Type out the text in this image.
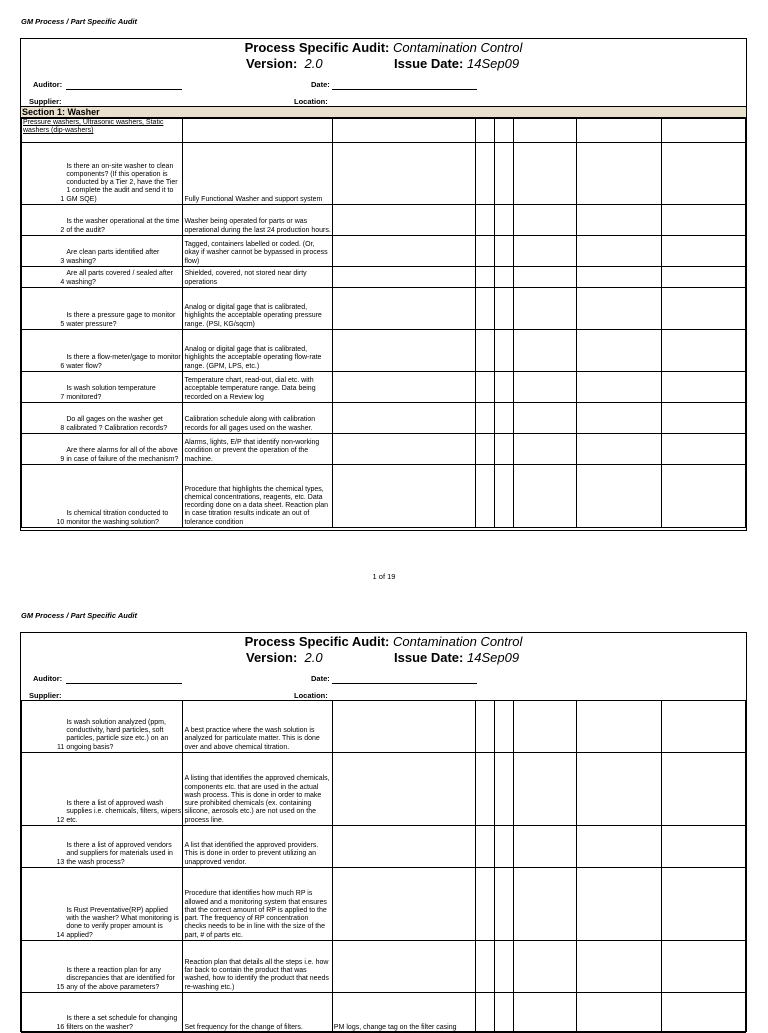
GM Process / Part Specific Audit
Process Specific Audit: Contamination Control
Version: 2.0	Issue Date: 14Sep09
Auditor:	Date:
Supplier:	Location:
Section 1: Washer
Pressure washers, Ultrasonic washers, Static washers (dip-washers)								
1	Is there an on-site washer to clean components? (If this operation is conducted by a Tier 2, have the Tier 1 complete the audit and send it to GM SQE)	Fully Functional Washer and support system						
2	Is the washer operational at the time of the audit?	Washer being operated for parts or was operational during the last 24 production hours.						
3	Are clean parts identified after washing?	Tagged, containers labelled or coded. (Or, okay if washer cannot be bypassed in process flow)						
4	Are all parts covered / sealed after washing?	Shielded, covered, not stored near dirty operations						
5	Is there a pressure gage to monitor water pressure?	Analog or digital gage that is calibrated, highlights the acceptable operating pressure range. (PSI, KG/sqcm)						
6	Is there a flow-meter/gage to monitor water flow?	Analog or digital gage that is calibrated, highlights the acceptable operating flow-rate range. (GPM, LPS, etc.)						
7	Is wash solution temperature monitored?	Temperature chart, read-out, dial etc. with acceptable temperature range. Data being recorded on a Review log						
8	Do all gages on the washer get calibrated ? Calibration records?	Calibration schedule along with calibration records for all gages used on the washer.						
9	Are there alarms for all of the above in case of failure of the mechanism?	Alarms, lights, E/P that identify non-working condition or prevent the operation of the machine.						
10	Is chemical titration conducted to monitor the washing solution?	Procedure that highlights the chemical types, chemical concentrations, reagents, etc. Data recording done on a data sheet. Reaction plan in case titration results indicate an out of tolerance condition						
1 of 19
GM Process / Part Specific Audit
Process Specific Audit: Contamination Control
Version: 2.0	Issue Date: 14Sep09
Auditor:	Date:
Supplier:	Location:
11	Is wash solution analyzed (ppm, conductivity, hard particles, soft particles, particle size etc.) on an ongoing basis?	A best practice where the wash solution is analyzed for particulate matter. This is done over and above chemical titration.						
12	Is there a list of approved wash supplies i.e. chemicals, filters, wipers etc.	A listing that identifies the approved chemicals, components etc. that are used in the actual wash process. This is done in order to make sure prohibited chemicals (ex. containing silicone, aerosols etc.) are not used on the process line.						
13	Is there a list of approved vendors and suppliers for materials used in the wash process?	A list that identified the approved providers. This is done in order to prevent utilizing an unapproved vendor.						
14	Is Rust Preventative(RP) applied with the washer? What monitoring is done to verify proper amount is applied?	Procedure that identifies how much RP is allowed and a monitoring system that ensures that the correct amount of RP is applied to the part. The frequency of RP concentration checks needs to be in line with the size of the part, # of parts etc.						
15	Is there a reaction plan for any discrepancies that are identified for any of the above parameters?	Reaction plan that details all the steps i.e. how far back to contain the product that was washed, how to identify the product that needs re-washing etc.)						
16	Is there a set schedule for changing filters on the washer?	Set frequency for the change of filters.	PM logs, change tag on the filter casing					
